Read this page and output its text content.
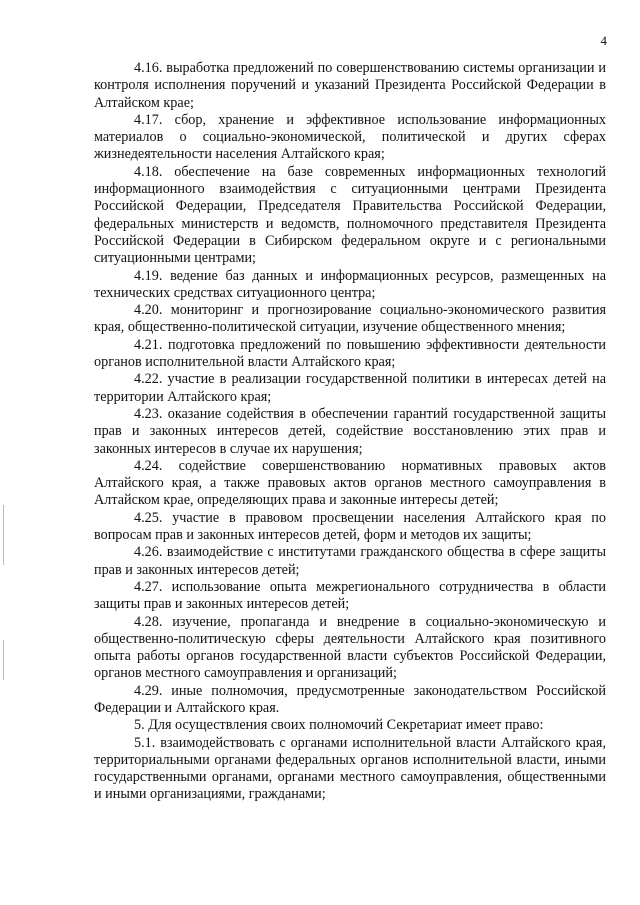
4

4.16. выработка предложений по совершенствованию системы организации и контроля исполнения поручений и указаний Президента Российской Федерации в Алтайском крае;

4.17. сбор, хранение и эффективное использование информационных материалов о социально-экономической, политической и других сферах жизнедеятельности населения Алтайского края;

4.18. обеспечение на базе современных информационных технологий информационного взаимодействия с ситуационными центрами Президента Российской Федерации, Председателя Правительства Российской Федерации, федеральных министерств и ведомств, полномочного представителя Президента Российской Федерации в Сибирском федеральном округе и с региональными ситуационными центрами;

4.19. ведение баз данных и информационных ресурсов, размещенных на технических средствах ситуационного центра;

4.20. мониторинг и прогнозирование социально-экономического развития края, общественно-политической ситуации, изучение общественного мнения;

4.21. подготовка предложений по повышению эффективности деятельности органов исполнительной власти Алтайского края;

4.22. участие в реализации государственной политики в интересах детей на территории Алтайского края;

4.23. оказание содействия в обеспечении гарантий государственной защиты прав и законных интересов детей, содействие восстановлению этих прав и законных интересов в случае их нарушения;

4.24. содействие совершенствованию нормативных правовых актов Алтайского края, а также правовых актов органов местного самоуправления в Алтайском крае, определяющих права и законные интересы детей;

4.25. участие в правовом просвещении населения Алтайского края по вопросам прав и законных интересов детей, форм и методов их защиты;

4.26. взаимодействие с институтами гражданского общества в сфере защиты прав и законных интересов детей;

4.27. использование опыта межрегионального сотрудничества в области защиты прав и законных интересов детей;

4.28. изучение, пропаганда и внедрение в социально-экономическую и общественно-политическую сферы деятельности Алтайского края позитивного опыта работы органов государственной власти субъектов Российской Федерации, органов местного самоуправления и организаций;

4.29. иные полномочия, предусмотренные законодательством Российской Федерации и Алтайского края.

5. Для осуществления своих полномочий Секретариат имеет право:

5.1. взаимодействовать с органами исполнительной власти Алтайского края, территориальными органами федеральных органов исполнительной власти, иными государственными органами, органами местного самоуправления, общественными и иными организациями, гражданами;
